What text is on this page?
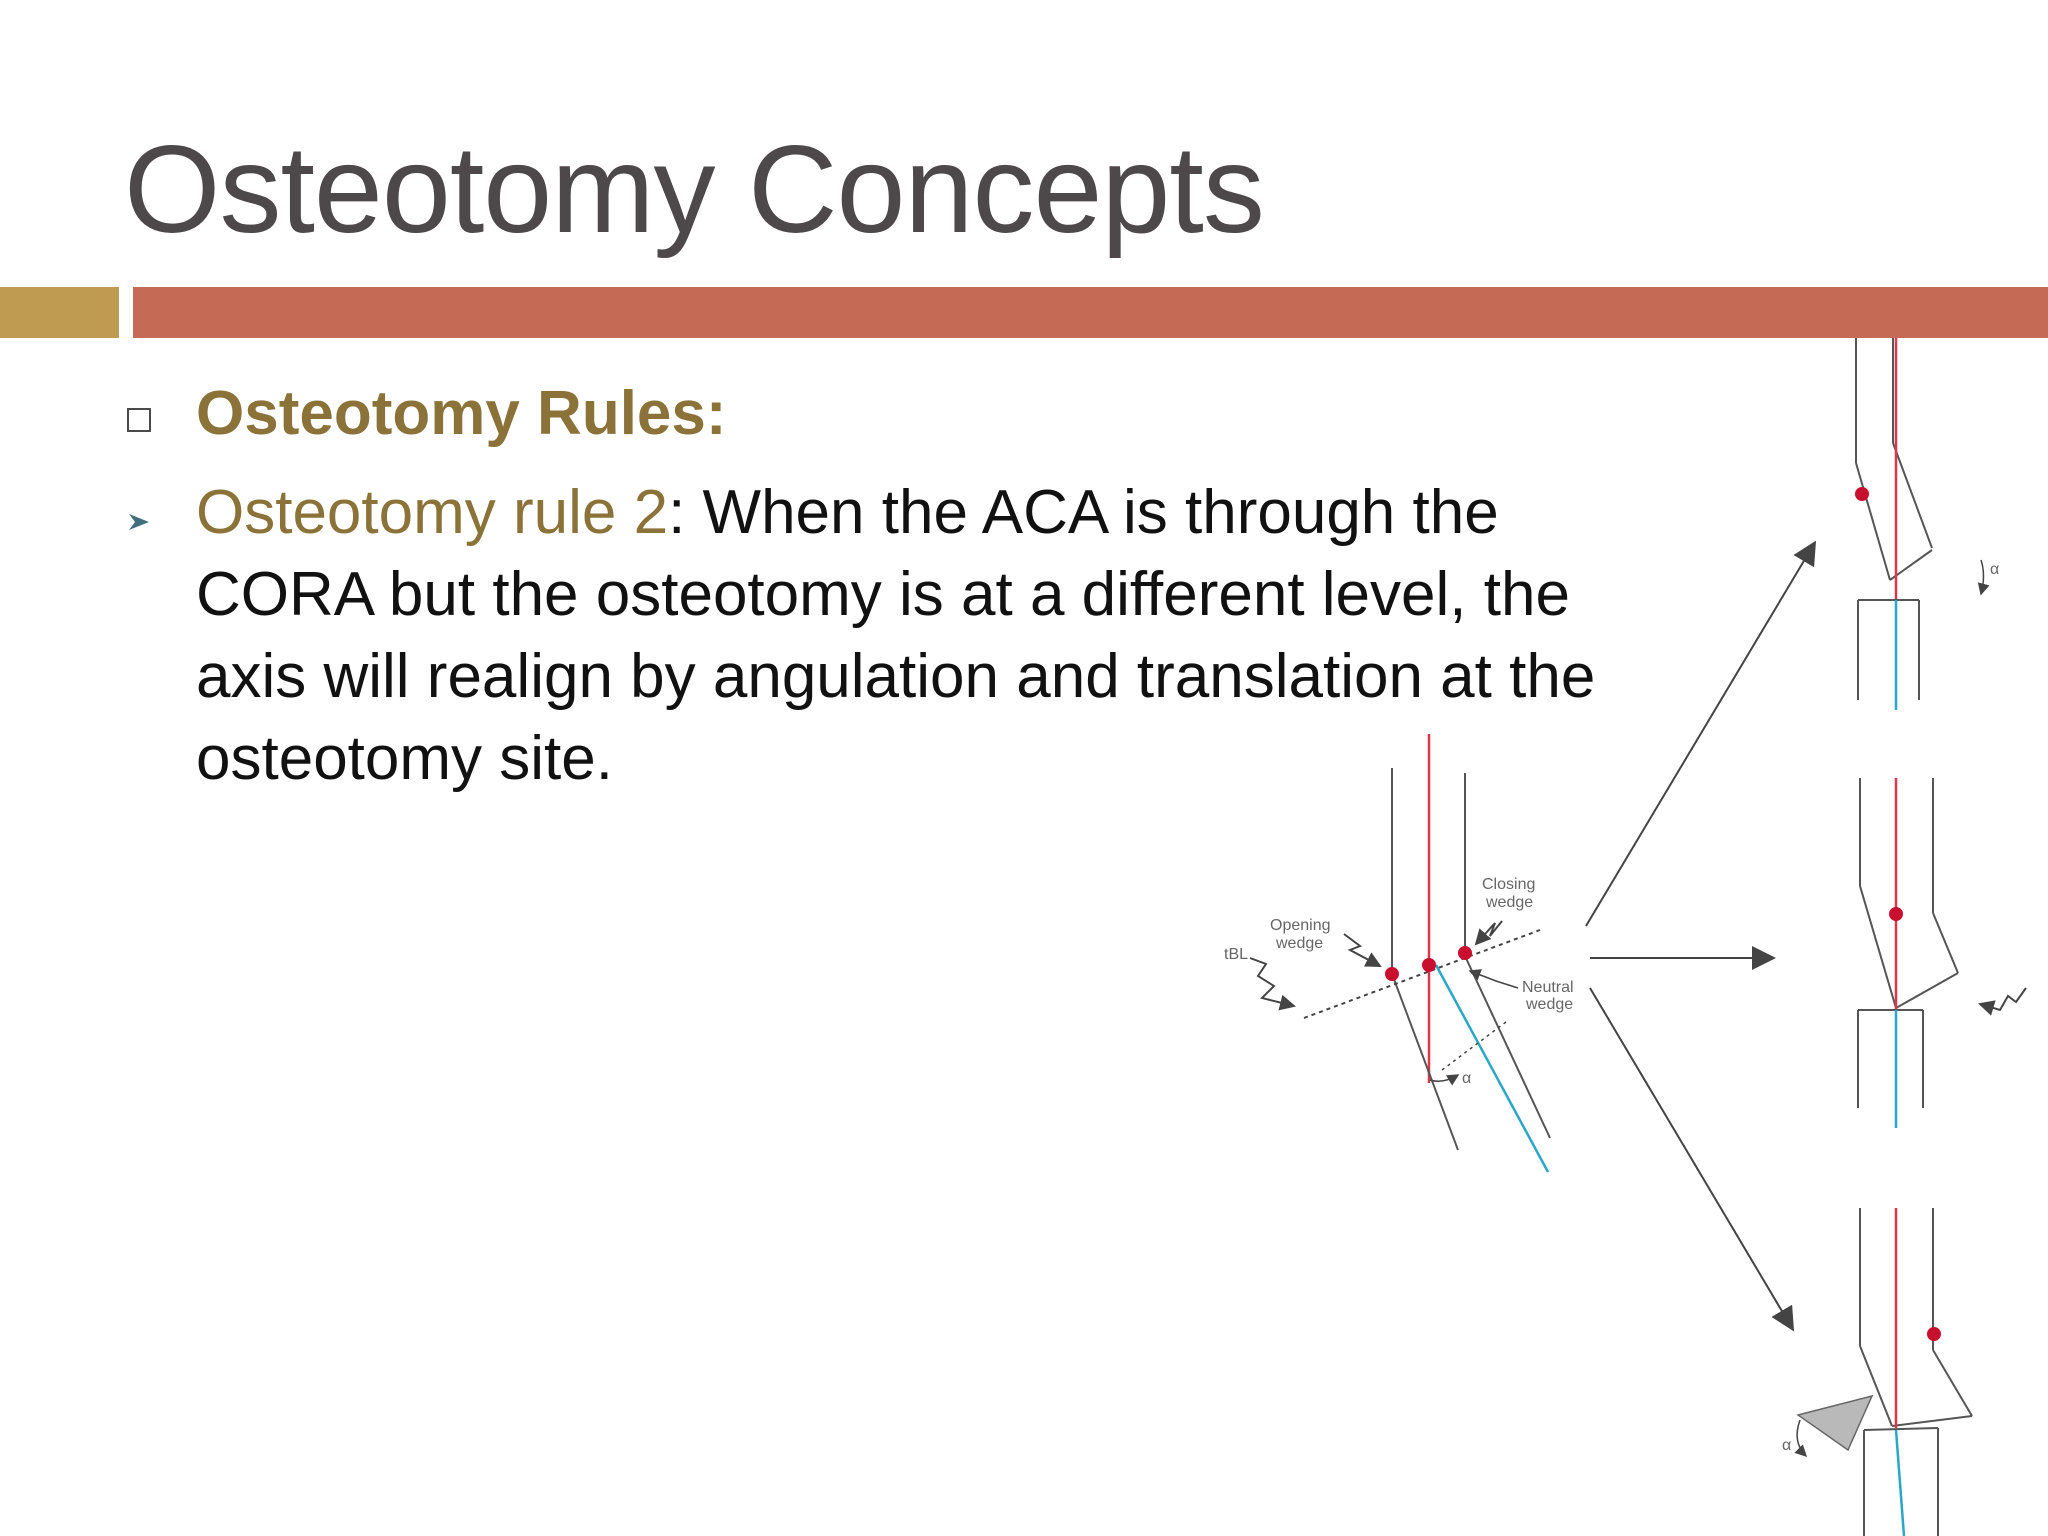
Osteotomy Concepts
Osteotomy Rules:
Osteotomy rule 2: When the ACA is through the CORA but the osteotomy is at a different level, the axis will realign by angulation and translation at the osteotomy site.
Closing
wedge
Opening
wedge
tBL
Neutral
wedge
α
α
α
